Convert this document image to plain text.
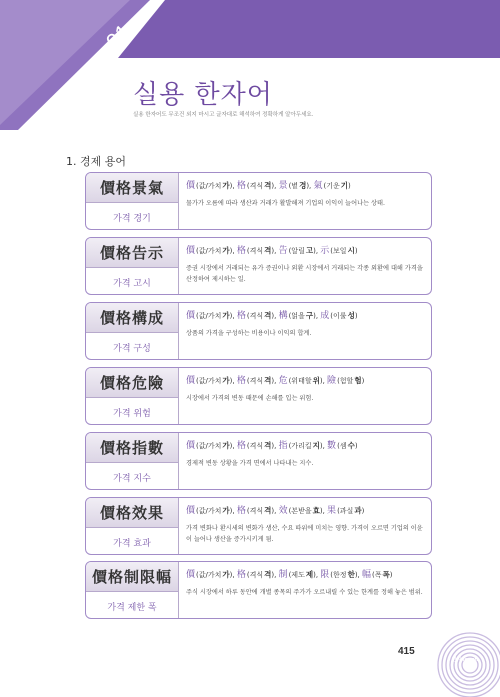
CHAPTER01
실용 한자어
실용 한자어도 무조건 외지 마시고 글자대로 해석하여 정확하게 알아두세요.
1. 경제 용어
價格景氣
가격 경기
價 (값/가치 가 ), 格 (격식 격 ), 景 (볕 경 ), 氣 (기운 기 )
물가가 오름에 따라 생산과 거래가 활발해져 기업의 이익이 늘어나는 상태.
價格告示
가격 고시
價 (값/가치 가 ), 格 (격식 격 ), 告 (알릴 고 ), 示 (보일 시 )
증권 시장에서 거래되는 유가 증권이나 외환 시장에서 거래되는 각종 외환에 대해 가격을 산정하여 제시하는 일.
價格構成
가격 구성
價 (값/가치 가 ), 格 (격식 격 ), 構 (얽을 구 ), 成 (이룰 성 )
상품의 가격을 구성하는 비용이나 이익의 합계.
價格危險
가격 위험
價 (값/가치 가 ), 格 (격식 격 ), 危 (위태할 위 ), 險 (험할 험 )
시장에서 가격의 변동 때문에 손해를 입는 위험.
價格指數
가격 지수
價 (값/가치 가 ), 格 (격식 격 ), 指 (가리킬 지 ), 數 (셈 수 )
경제적 변동 상황을 가격 면에서 나타내는 지수.
價格效果
가격 효과
價 (값/가치 가 ), 格 (격식 격 ), 效 (본받을 효 ), 果 (과실 과 )
가격 변화나 환시세의 변화가 생산, 수요 따위에 미치는 영향. 가격이 오르면 기업의 이윤이 늘어나 생산을 증가시키게 됨.
價格制限幅
가격 제한 폭
價 (값/가치 가 ), 格 (격식 격 ), 制 (제도 제 ), 限 (한정 한 ), 幅 (폭 폭 )
주식 시장에서 하루 동안에 개별 종목의 주가가 오르내릴 수 있는 한계를 정해 놓은 범위.
415
한자Touch
